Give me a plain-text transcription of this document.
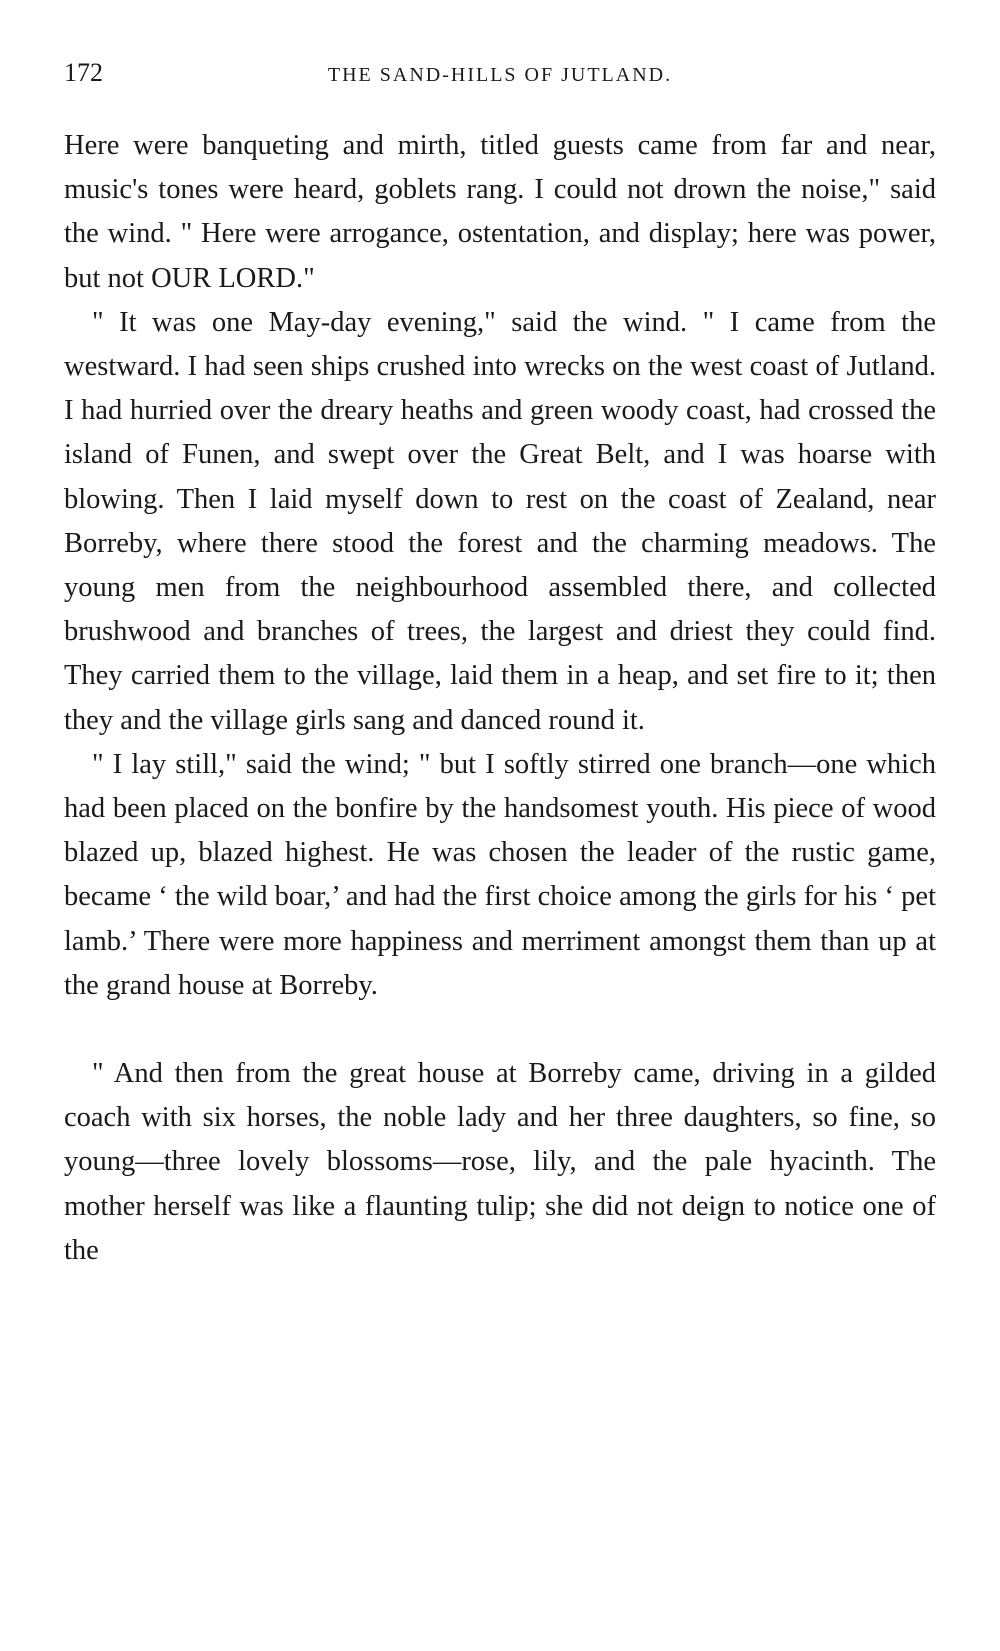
172	THE SAND-HILLS OF JUTLAND.

Here were banqueting and mirth, titled guests came from far and near, music's tones were heard, goblets rang. I could not drown the noise," said the wind. " Here were arrogance, ostentation, and display; here was power, but not OUR LORD."

" It was one May-day evening," said the wind. " I came from the westward. I had seen ships crushed into wrecks on the west coast of Jutland. I had hurried over the dreary heaths and green woody coast, had crossed the island of Funen, and swept over the Great Belt, and I was hoarse with blowing. Then I laid myself down to rest on the coast of Zealand, near Borreby, where there stood the forest and the charming meadows. The young men from the neighbourhood assembled there, and collected brushwood and branches of trees, the largest and driest they could find. They carried them to the village, laid them in a heap, and set fire to it; then they and the village girls sang and danced round it.

" I lay still," said the wind; " but I softly stirred one branch—one which had been placed on the bonfire by the handsomest youth. His piece of wood blazed up, blazed highest. He was chosen the leader of the rustic game, became ‘ the wild boar,’ and had the first choice among the girls for his ‘ pet lamb.’ There were more happiness and merriment amongst them than up at the grand house at Borreby.

" And then from the great house at Borreby came, driving in a gilded coach with six horses, the noble lady and her three daughters, so fine, so young—three lovely blossoms—rose, lily, and the pale hyacinth. The mother herself was like a flaunting tulip; she did not deign to notice one of the
